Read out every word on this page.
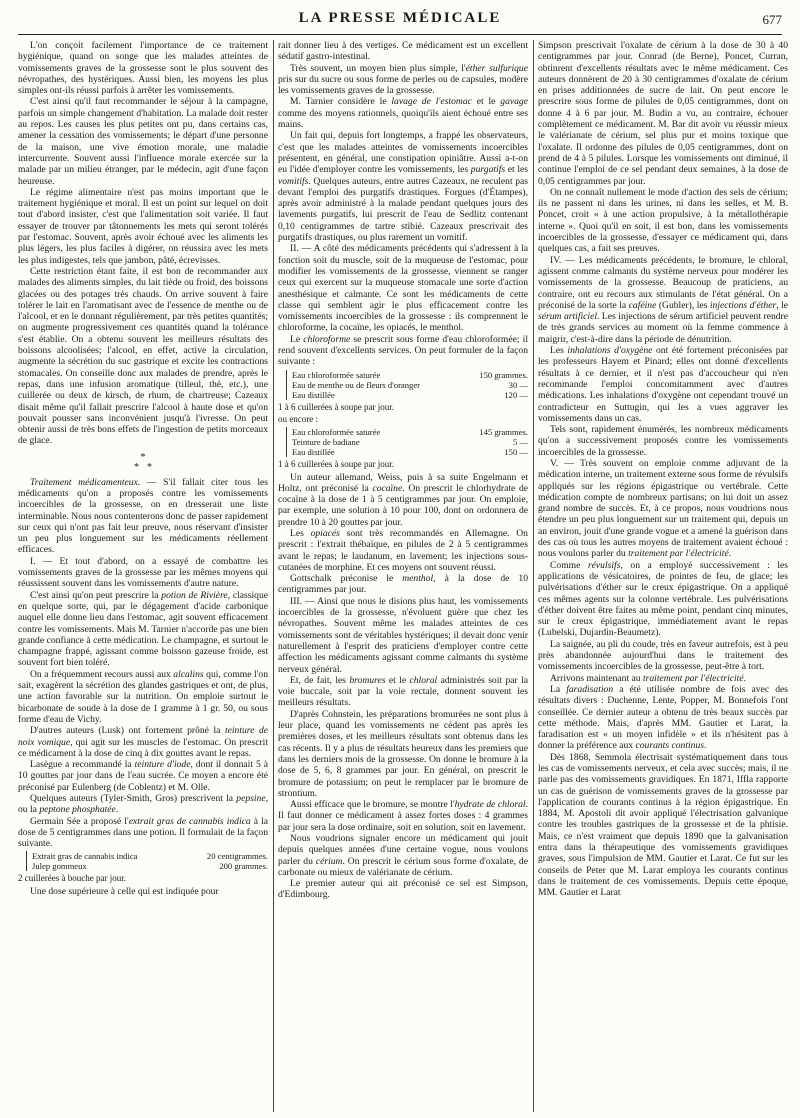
LA PRESSE MÉDICALE	677

L'on conçoit facilement l'importance de ce traitement hygiénique, quand on songe que les malades atteintes de vomissements graves de la grossesse sont le plus souvent des névropathes, des hystériques. Aussi bien, les moyens les plus simples ont-ils réussi parfois à arrêter les vomissements.

C'est ainsi qu'il faut recommander le séjour à la campagne, parfois un simple changement d'habitation. La malade doit rester au repos. Les causes les plus petites ont pu, dans certains cas, amener la cessation des vomissements; le départ d'une personne de la maison, une vive émotion morale, une maladie intercurrente. Souvent aussi l'influence morale exercée sur la malade par un milieu étranger, par le médecin, agit d'une façon heureuse.

Le régime alimentaire n'est pas moins important que le traitement hygiénique et moral. Il est un point sur lequel on doit tout d'abord insister, c'est que l'alimentation soit variée. Il faut essayer de trouver par tâtonnements les mets qui seront tolérés par l'estomac. Souvent, après avoir échoué avec les aliments les plus légers, les plus faciles à digérer, on réussira avec les mets les plus indigestes, tels que jambon, pâté, écrevisses.

Cette restriction étant faite, il est bon de recommander aux malades des aliments simples, du lait tiède ou froid, des boissons glacées ou des potages très chauds. On arrive souvent à faire tolérer le lait en l'aromatisant avec de l'essence de menthe ou de l'alcool, et en le donnant régulièrement, par très petites quantités; on augmente progressivement ces quantités quand la tolérance s'est établie. On a obtenu souvent les meilleurs résultats des boissons alcoolisées; l'alcool, en effet, active la circulation, augmente la sécrétion du suc gastrique et excite les contractions stomacales. On conseille donc aux malades de prendre, après le repas, dans une infusion aromatique (tilleul, thé, etc.), une cuillerée ou deux de kirsch, de rhum, de chartreuse; Cazeaux disait même qu'il fallait prescrire l'alcool à haute dose et qu'on pouvait pousser sans inconvénient jusqu'à l'ivresse. On peut obtenir aussi de très bons effets de l'ingestion de petits morceaux de glace.

*
* *

Traitement médicamenteux. — S'il fallait citer tous les médicaments qu'on a proposés contre les vomissements incoercibles de la grossesse, on en dresserait une liste interminable. Nous nous contenterons donc de passer rapidement sur ceux qui n'ont pas fait leur preuve, nous réservant d'insister un peu plus longuement sur les médicaments réellement efficaces.

I. — Et tout d'abord, on a essayé de combattre les vomissements graves de la grossesse par les mêmes moyens qui réussissent souvent dans les vomissements d'autre nature.

C'est ainsi qu'on peut prescrire la potion de Rivière, classique en quelque sorte, qui, par le dégagement d'acide carbonique auquel elle donne lieu dans l'estomac, agit souvent efficacement contre les vomissements. Mais M. Tarnier n'accorde pas une bien grande confiance à cette médication. Le champagne, et surtout le champagne frappé, agissant comme boisson gazeuse froide, est souvent fort bien toléré.

On a fréquemment recours aussi aux alcalins qui, comme l'on sait, exagèrent la sécrétion des glandes gastriques et ont, de plus, une action favorable sur la nutrition. On emploie surtout le bicarbonate de soude à la dose de 1 gramme à 1 gr. 50, ou sous forme d'eau de Vichy.

D'autres auteurs (Lusk) ont fortement prôné la teinture de noix vomique, qui agit sur les muscles de l'estomac. On prescrit ce médicament à la dose de cinq à dix gouttes avant le repas.

Lasègue a recommandé la teinture d'iode, dont il donnait 5 à 10 gouttes par jour dans de l'eau sucrée. Ce moyen a encore été préconisé par Eulenberg (de Coblentz) et M. Olle.

Quelques auteurs (Tyler-Smith, Gros) prescrivent la pepsine, ou la peptone phosphatée.

Germain Sée a proposé l'extrait gras de cannabis indica à la dose de 5 centigrammes dans une potion. Il formulait de la façon suivante.

Extrait gras de cannabis indica	20 centigrammes.
Julep gommeux	200 grammes.

2 cuillerées à bouche par jour.

Une dose supérieure à celle qui est indiquée pour

rait donner lieu à des vertiges. Ce médicament est un excellent sédatif gastro-intestinal.

Très souvent, un moyen bien plus simple, l'éther sulfurique pris sur du sucre ou sous forme de perles ou de capsules, modère les vomissements graves de la grossesse.

M. Tarnier considère le lavage de l'estomac et le gavage comme des moyens rationnels, quoiqu'ils aient échoué entre ses mains.

Un fait qui, depuis fort longtemps, a frappé les observateurs, c'est que les malades atteintes de vomissements incoercibles présentent, en général, une constipation opiniâtre. Aussi a-t-on eu l'idée d'employer contre les vomissements, les purgatifs et les vomitifs. Quelques auteurs, entre autres Cazeaux, ne reculent pas devant l'emploi des purgatifs drastiques. Forgues (d'Étampes), après avoir administré à la malade pendant quelques jours des lavements purgatifs, lui prescrit de l'eau de Sedlitz contenant 0,10 centigrammes de tartre stibié. Cazeaux prescrivait des purgatifs drastiques, ou plus rarement un vomitif.

II. — A côté des médicaments précédents qui s'adressent à la fonction soit du muscle, soit de la muqueuse de l'estomac, pour modifier les vomissements de la grossesse, viennent se ranger ceux qui exercent sur la muqueuse stomacale une sorte d'action anesthésique et calmante. Ce sont les médicaments de cette classe qui semblent agir le plus efficacement contre les vomissements incoercibles de la grossesse : ils comprennent le chloroforme, la cocaïne, les opiacés, le menthol.

Le chloroforme se prescrit sous forme d'eau chloroformée; il rend souvent d'excellents services. On peut formuler de la façon suivante :

Eau chloroformée saturée	150 grammes.
Eau de menthe ou de fleurs d'oranger	30 —
Eau distillée	120 —

1 à 6 cuillerées à soupe par jour.

ou encore :

Eau chloroformée saturée	145 grammes.
Teinture de badiane	5 —
Eau distillée	150 —

1 à 6 cuillerées à soupe par jour.

Un auteur allemand, Weiss, puis à sa suite Engelmann et Holtz, ont préconisé la cocaïne. On prescrit le chlorhydrate de cocaïne à la dose de 1 à 5 centigrammes par jour. On emploie, par exemple, une solution à 10 pour 100, dont on ordonnera de prendre 10 à 20 gouttes par jour.

Les opiacés sont très recommandés en Allemagne. On prescrit : l'extrait thébaïque, en pilules de 2 à 5 centigrammes avant le repas; le laudanum, en lavement; les injections sous-cutanées de morphine. Et ces moyens ont souvent réussi.

Gottschalk préconise le menthol, à la dose de 10 centigrammes par jour.

III. — Ainsi que nous le disions plus haut, les vomissements incoercibles de la grossesse, n'évoluent guère que chez les névropathes. Souvent même les malades atteintes de ces vomissements sont de véritables hystériques; il devait donc venir naturellement à l'esprit des praticiens d'employer contre cette affection les médicaments agissant comme calmants du système nerveux général.

Et, de fait, les bromures et le chloral administrés soit par la voie buccale, soit par la voie rectale, donnent souvent les meilleurs résultats.

D'après Cohnstein, les préparations bromurées ne sont plus à leur place, quand les vomissements ne cèdent pas après les premières doses, et les meilleurs résultats sont obtenus dans les cas récents. Il y a plus de résultats heureux dans les premiers que dans les derniers mois de la grossesse. On donne le bromure à la dose de 5, 6, 8 grammes par jour. En général, on prescrit le bromure de potassium; on peut le remplacer par le bromure de strontium.

Aussi efficace que le bromure, se montre l'hydrate de chloral. Il faut donner ce médicament à assez fortes doses : 4 grammes par jour sera la dose ordinaire, soit en solution, soit en lavement.

Nous voudrions signaler encore un médicament qui jouit depuis quelques années d'une certaine vogue, nous voulons parler du cérium. On prescrit le cérium sous forme d'oxalate, de carbonate ou mieux de valérianate de cérium.

Le premier auteur qui ait préconisé ce sel est Simpson, d'Edimbourg.

Simpson prescrivait l'oxalate de cérium à la dose de 30 à 40 centigrammes par jour. Conrad (de Berne), Poncet, Curran, obtinrent d'excellents résultats avec le même médicament. Ces auteurs donnèrent de 20 à 30 centigrammes d'oxalate de cérium en prises additionnées de sucre de lait. On peut encore le prescrire sous forme de pilules de 0,05 centigrammes, dont on donne 4 à 6 par jour. M. Budin a vu, au contraire, échouer complètement ce médicament. M. Bar dit avoir vu réussir mieux le valérianate de cérium, sel plus pur et moins toxique que l'oxalate. Il ordonne des pilules de 0,05 centigrammes, dont on prend de 4 à 5 pilules. Lorsque les vomissements ont diminué, il continue l'emploi de ce sel pendant deux semaines, à la dose de 0,05 centigrammes par jour.

On ne connaît nullement le mode d'action des sels de cérium; ils ne passent ni dans les urines, ni dans les selles, et M. B. Poncet, croit « à une action propulsive, à la métallothérapie interne ». Quoi qu'il en soit, il est bon, dans les vomissements incoercibles de la grossesse, d'essayer ce médicament qui, dans quelques cas, a fait ses preuves.

IV. — Les médicaments précédents, le bromure, le chloral, agissent comme calmants du système nerveux pour modérer les vomissements de la grossesse. Beaucoup de praticiens, au contraire, ont eu recours aux stimulants de l'état général. On a préconisé de la sorte la caféine (Gubler), les injections d'éther, le sérum artificiel. Les injections de sérum artificiel peuvent rendre de très grands services au moment où la femme commence à maigrir, c'est-à-dire dans la période de dénutrition.

Les inhalations d'oxygène ont été fortement préconisées par les professeurs Hayem et Pinard; elles ont donné d'excellents résultats à ce dernier, et il n'est pas d'accoucheur qui n'en recommande l'emploi concomitamment avec d'autres médications. Les inhalations d'oxygène ont cependant trouvé un contradicteur en Suttugin, qui les a vues aggraver les vomissements dans un cas.

Tels sont, rapidement énumérés, les nombreux médicaments qu'on a successivement proposés contre les vomissements incoercibles de la grossesse.

V. — Très souvent on emploie comme adjuvant de la médication interne, un traitement externe sous forme de révulsifs appliqués sur les régions épigastrique ou vertébrale. Cette médication compte de nombreux partisans; on lui doit un assez grand nombre de succès. Et, à ce propos, nous voudrions nous étendre un peu plus longuement sur un traitement qui, depuis un an environ, jouit d'une grande vogue et a amené la guérison dans des cas où tous les autres moyens de traitement avaient échoué : nous voulons parler du traitement par l'électricité.

Comme révulsifs, on a employé successivement : les applications de vésicatoires, de pointes de feu, de glace; les pulvérisations d'éther sur le creux épigastrique. On a appliqué ces mêmes agents sur la colonne vertébrale. Les pulvérisations d'éther doivent être faites au même point, pendant cinq minutes, sur le creux épigastrique, immédiatement avant le repas (Lubelski, Dujardin-Beaumetz).

La saignée, au pli du coude, très en faveur autrefois, est à peu près abandonnée aujourd'hui dans le traitement des vomissements incoercibles de la grossesse, peut-être à tort.

Arrivons maintenant au traitement par l'électricité.

La faradisation a été utilisée nombre de fois avec des résultats divers : Duchenne, Lente, Popper, M. Bonnefois l'ont conseillée. Ce dernier auteur a obtenu de très beaux succès par cette méthode. Mais, d'après MM. Gautier et Larat, la faradisation est « un moyen infidèle » et ils n'hésitent pas à donner la préférence aux courants continus.

Dès 1868, Semmola électrisait systématiquement dans tous les cas de vomissements nerveux, et cela avec succès; mais, il ne parle pas des vomissements gravidiques. En 1871, Iffla rapporte un cas de guérison de vomissements graves de la grossesse par l'application de courants continus à la région épigastrique. En 1884, M. Apostoli dit avoir appliqué l'électrisation galvanique contre les troubles gastriques de la grossesse et de la phtisie. Mais, ce n'est vraiment que depuis 1890 que la galvanisation entra dans la thérapeutique des vomissements gravidiques graves, sous l'impulsion de MM. Gautier et Larat. Ce fut sur les conseils de Peter que M. Larat employa les courants continus dans le traitement de ces vomissements. Depuis cette époque, MM. Gautier et Larat
